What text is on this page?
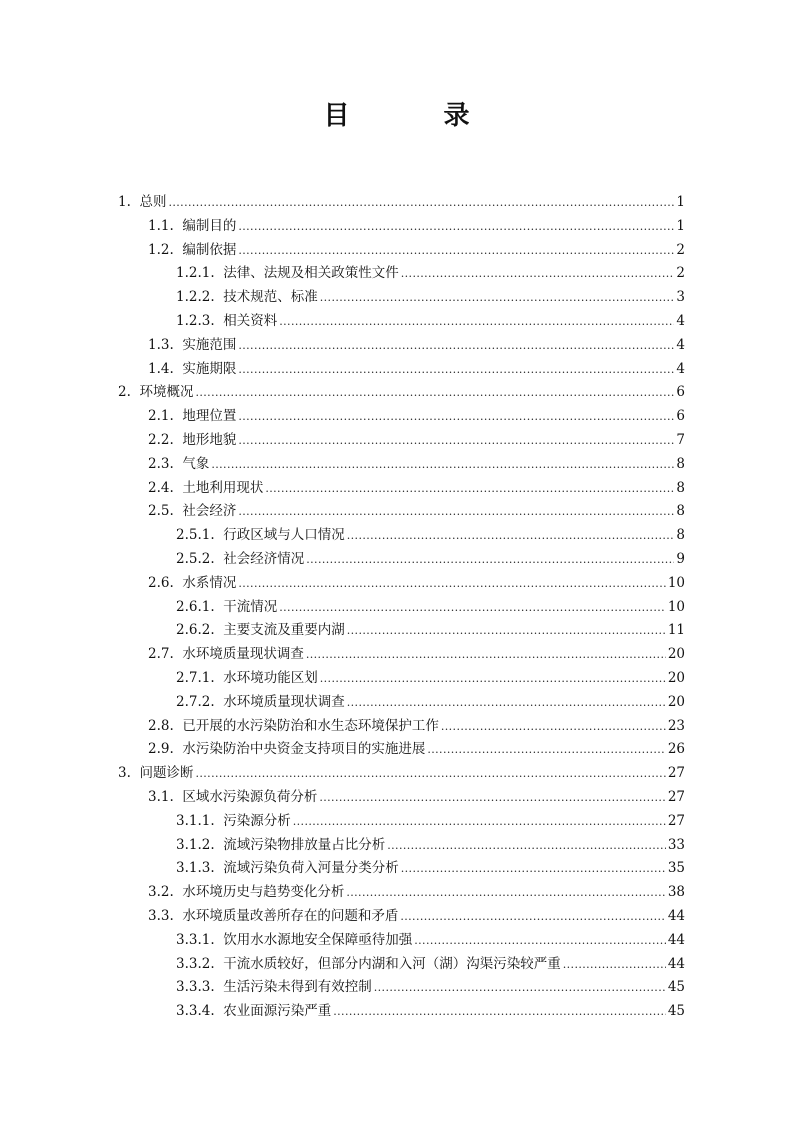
目　录
1. 总则 .....	1
1.1. 编制目的 .....	1
1.2. 编制依据 .....	2
1.2.1. 法律、法规及相关政策性文件 .....	2
1.2.2. 技术规范、标准 .....	3
1.2.3. 相关资料 .....	4
1.3. 实施范围 .....	4
1.4. 实施期限 .....	4
2. 环境概况 .....	6
2.1. 地理位置 .....	6
2.2. 地形地貌 .....	7
2.3. 气象 .....	8
2.4. 土地利用现状 .....	8
2.5. 社会经济 .....	8
2.5.1. 行政区域与人口情况 .....	8
2.5.2. 社会经济情况 .....	9
2.6. 水系情况 .....	10
2.6.1. 干流情况 .....	10
2.6.2. 主要支流及重要内湖 .....	11
2.7. 水环境质量现状调查 .....	20
2.7.1. 水环境功能区划 .....	20
2.7.2. 水环境质量现状调查 .....	20
2.8. 已开展的水污染防治和水生态环境保护工作 .....	23
2.9. 水污染防治中央资金支持项目的实施进展 .....	26
3. 问题诊断 .....	27
3.1. 区域水污染源负荷分析 .....	27
3.1.1. 污染源分析 .....	27
3.1.2. 流域污染物排放量占比分析 .....	33
3.1.3. 流域污染负荷入河量分类分析 .....	35
3.2. 水环境历史与趋势变化分析 .....	38
3.3. 水环境质量改善所存在的问题和矛盾 .....	44
3.3.1. 饮用水水源地安全保障亟待加强 .....	44
3.3.2. 干流水质较好，但部分内湖和入河（湖）沟渠污染较严重 .....	44
3.3.3. 生活污染未得到有效控制 .....	45
3.3.4. 农业面源污染严重 .....	45
